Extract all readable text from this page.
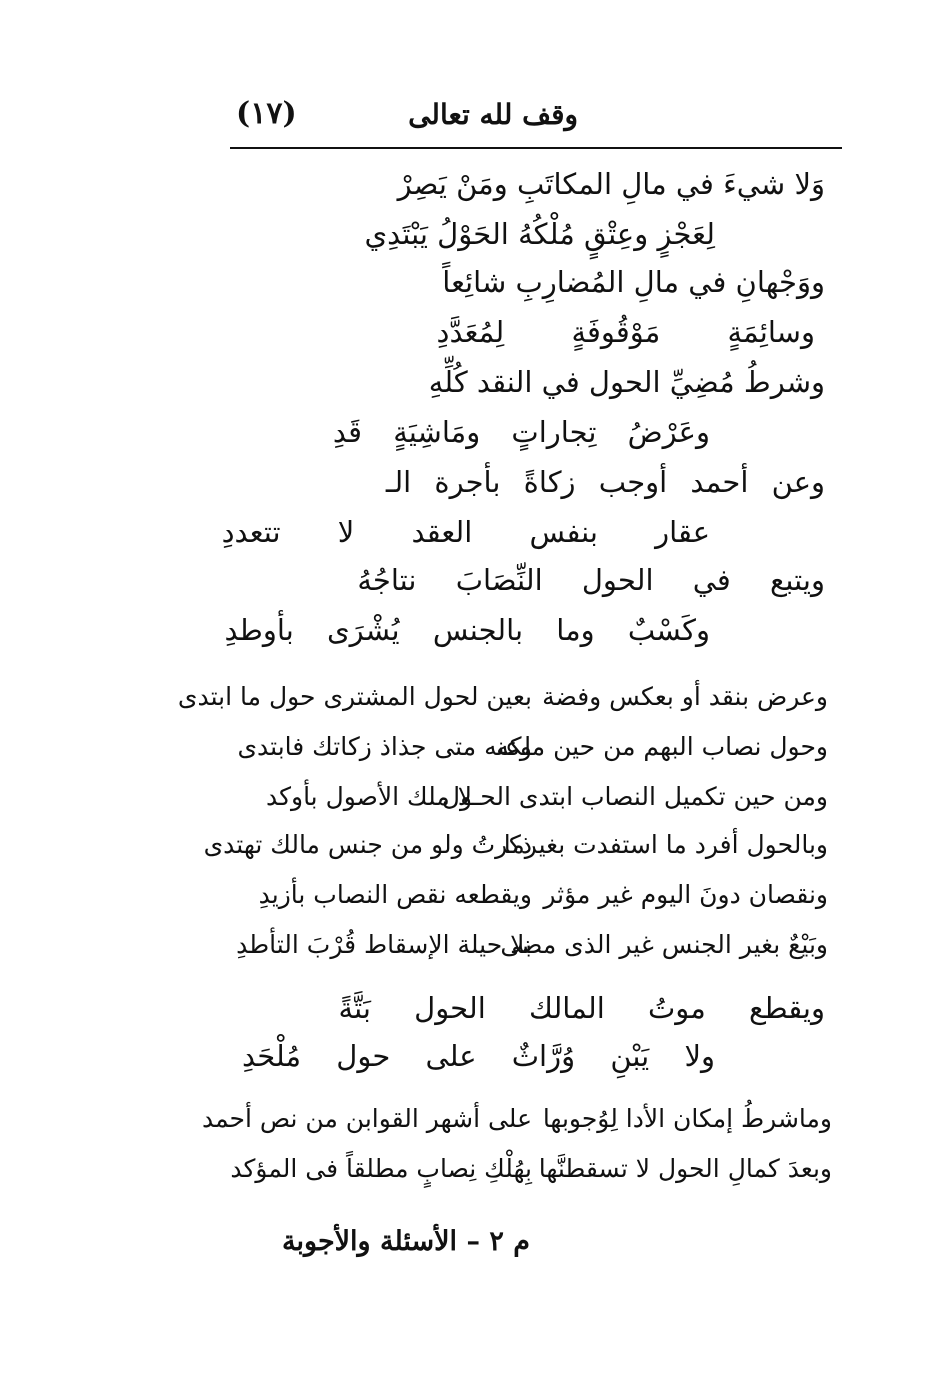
(١٧)	وقف لله تعالى
وَلا شيءَ في مالِ المكاتَبِ ومَنْ يَصِرْ
لِعَجْزٍ وعِتْقٍ مُلْكُهُ الحَوْلُ يَبْتَدِي
ووَجْهانِ في مالِ المُضارِبِ شائِعاً
وسائِمَةٍ مَوْقُوفَةٍ لِمُعَدَّدِ
وشرطُ مُضِيِّ الحول في النقد كُلِّهِ
وعَرْضُ تِجاراتٍ ومَاشِيَةٍ قَدِ
وعن أحمد أوجب زكاةً بأجرة الـ
عقار بنفس العقد لا تتعددِ
ويتبع في الحول النِّصَابَ نتاجُهُ
وكَسْبٌ وما بالجنس يُشْرَى بأوطدِ
وعرض بنقد أو بعكس وفضة
بعين لحول المشترى حول ما ابتدى
وحول نصاب البهم من حين ملكه
وعنه متى جذاذ زكاتك فابتدى
ومن حين تكميل النصاب ابتدى الحـول
لا ملك الأصول بأوكد
وبالحول أفرد ما استفدت بغيرما
ذكرتُ ولو من جنس مالك تهتدى
ونقصان دونَ اليوم غير مؤثر
ويقطعه نقص النصاب بأزيدِ
وبَيْعٌ بغير الجنس غير الذى مضى
بلا حيلة الإسقاط قُرْبَ التأطدِ
ويقطع موتُ المالك الحول بَتَّةً
ولا يَبْنِ وُرَّاثٌ على حول مُلْحَدِ
وماشرطُ إمكان الأدا لِوُجوبها
على أشهر القوابن من نص أحمد
وبعدَ كمالِ الحول لا تسقطنَّها
بِهُلْكِ نِصابٍ مطلقاً فى المؤكد
م ٢ – الأسئلة والأجوبة
